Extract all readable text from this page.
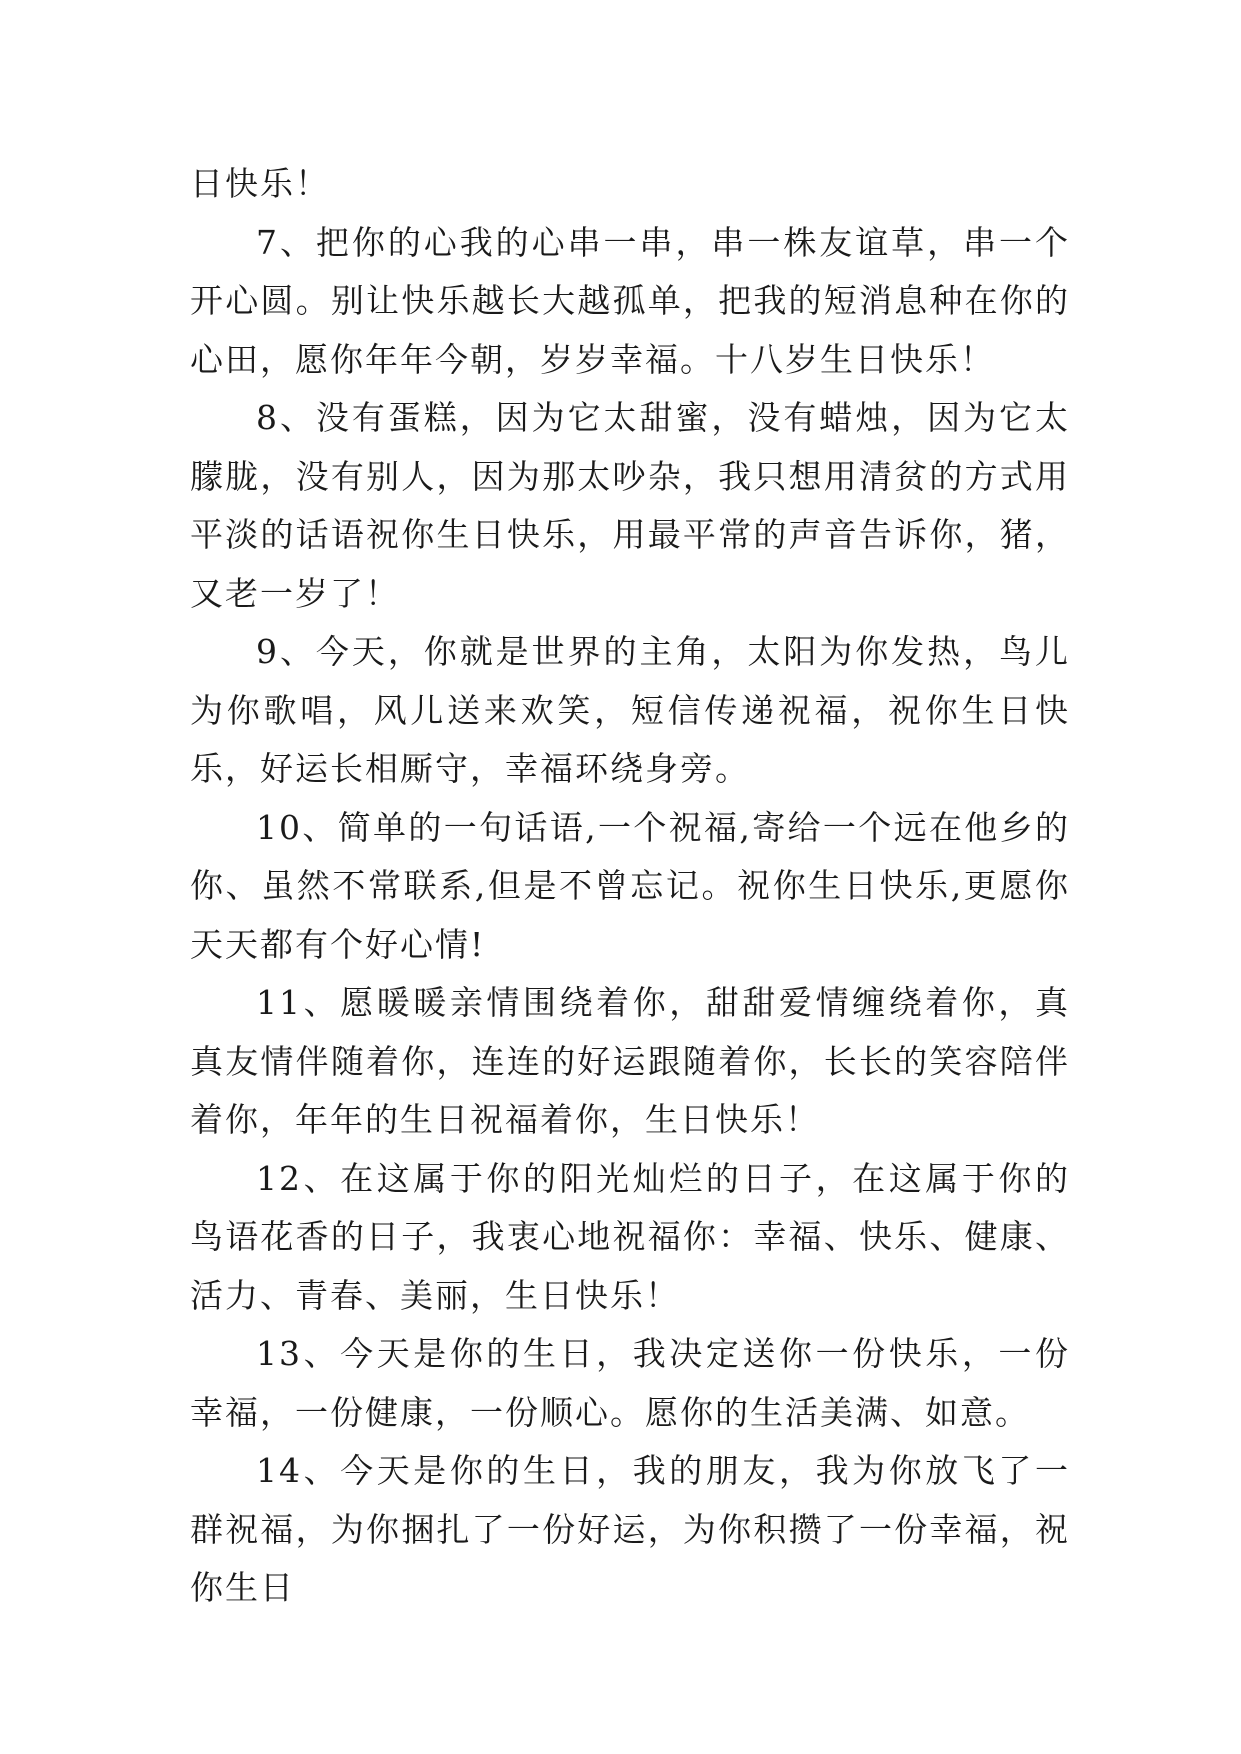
日快乐！

7、把你的心我的心串一串，串一株友谊草，串一个开心圆。别让快乐越长大越孤单，把我的短消息种在你的心田，愿你年年今朝，岁岁幸福。十八岁生日快乐！

8、没有蛋糕，因为它太甜蜜，没有蜡烛，因为它太朦胧，没有别人，因为那太吵杂，我只想用清贫的方式用平淡的话语祝你生日快乐，用最平常的声音告诉你，猪，又老一岁了！

9、今天，你就是世界的主角，太阳为你发热，鸟儿为你歌唱，风儿送来欢笑，短信传递祝福，祝你生日快乐，好运长相厮守，幸福环绕身旁。

10、简单的一句话语,一个祝福,寄给一个远在他乡的你、虽然不常联系,但是不曾忘记。祝你生日快乐,更愿你天天都有个好心情!

11、愿暖暖亲情围绕着你，甜甜爱情缠绕着你，真真友情伴随着你，连连的好运跟随着你，长长的笑容陪伴着你，年年的生日祝福着你，生日快乐！

12、在这属于你的阳光灿烂的日子，在这属于你的鸟语花香的日子，我衷心地祝福你：幸福、快乐、健康、活力、青春、美丽，生日快乐！

13、今天是你的生日，我决定送你一份快乐，一份幸福，一份健康，一份顺心。愿你的生活美满、如意。

14、今天是你的生日，我的朋友，我为你放飞了一群祝福，为你捆扎了一份好运，为你积攒了一份幸福，祝你生日
